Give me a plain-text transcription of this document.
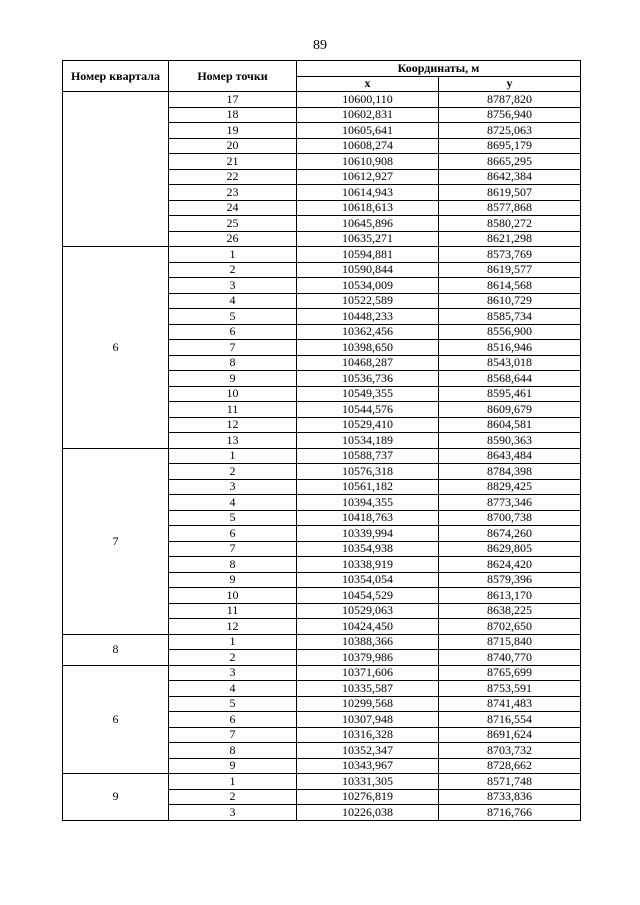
89
Номер квартала	Номер точки	Координаты, м	
		x	y
	17	10600,110	8787,820
	18	10602,831	8756,940
	19	10605,641	8725,063
	20	10608,274	8695,179
	21	10610,908	8665,295
	22	10612,927	8642,384
	23	10614,943	8619,507
	24	10618,613	8577,868
	25	10645,896	8580,272
	26	10635,271	8621,298
6	1	10594,881	8573,769
	2	10590,844	8619,577
	3	10534,009	8614,568
	4	10522,589	8610,729
	5	10448,233	8585,734
	6	10362,456	8556,900
	7	10398,650	8516,946
	8	10468,287	8543,018
	9	10536,736	8568,644
	10	10549,355	8595,461
	11	10544,576	8609,679
	12	10529,410	8604,581
	13	10534,189	8590,363
7	1	10588,737	8643,484
	2	10576,318	8784,398
	3	10561,182	8829,425
	4	10394,355	8773,346
	5	10418,763	8700,738
	6	10339,994	8674,260
	7	10354,938	8629,805
	8	10338,919	8624,420
	9	10354,054	8579,396
	10	10454,529	8613,170
	11	10529,063	8638,225
	12	10424,450	8702,650
8	1	10388,366	8715,840
	2	10379,986	8740,770
6	3	10371,606	8765,699
	4	10335,587	8753,591
	5	10299,568	8741,483
	6	10307,948	8716,554
	7	10316,328	8691,624
	8	10352,347	8703,732
	9	10343,967	8728,662
9	1	10331,305	8571,748
	2	10276,819	8733,836
	3	10226,038	8716,766
